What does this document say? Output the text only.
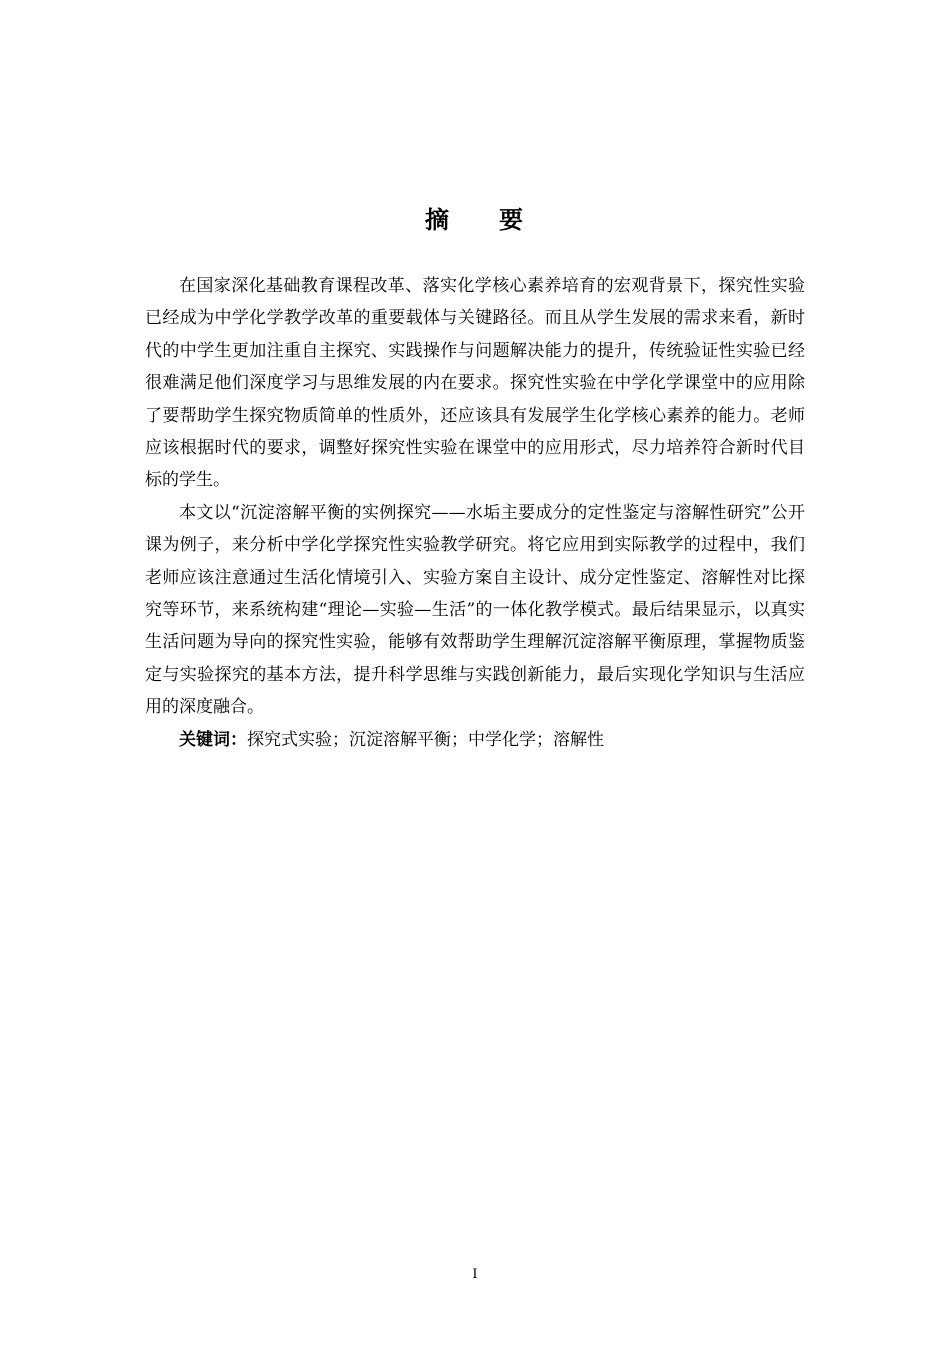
摘 要

在国家深化基础教育课程改革、落实化学核心素养培育的宏观背景下，探究性实验已经成为中学化学教学改革的重要载体与关键路径。而且从学生发展的需求来看，新时代的中学生更加注重自主探究、实践操作与问题解决能力的提升，传统验证性实验已经很难满足他们深度学习与思维发展的内在要求。探究性实验在中学化学课堂中的应用除了要帮助学生探究物质简单的性质外，还应该具有发展学生化学核心素养的能力。老师应该根据时代的要求，调整好探究性实验在课堂中的应用形式，尽力培养符合新时代目标的学生。

本文以“沉淀溶解平衡的实例探究——水垢主要成分的定性鉴定与溶解性研究”公开课为例子，来分析中学化学探究性实验教学研究。将它应用到实际教学的过程中，我们老师应该注意通过生活化情境引入、实验方案自主设计、成分定性鉴定、溶解性对比探究等环节，来系统构建“理论—实验—生活”的一体化教学模式。最后结果显示，以真实生活问题为导向的探究性实验，能够有效帮助学生理解沉淀溶解平衡原理，掌握物质鉴定与实验探究的基本方法，提升科学思维与实践创新能力，最后实现化学知识与生活应用的深度融合。

关键词：探究式实验；沉淀溶解平衡；中学化学；溶解性

I
